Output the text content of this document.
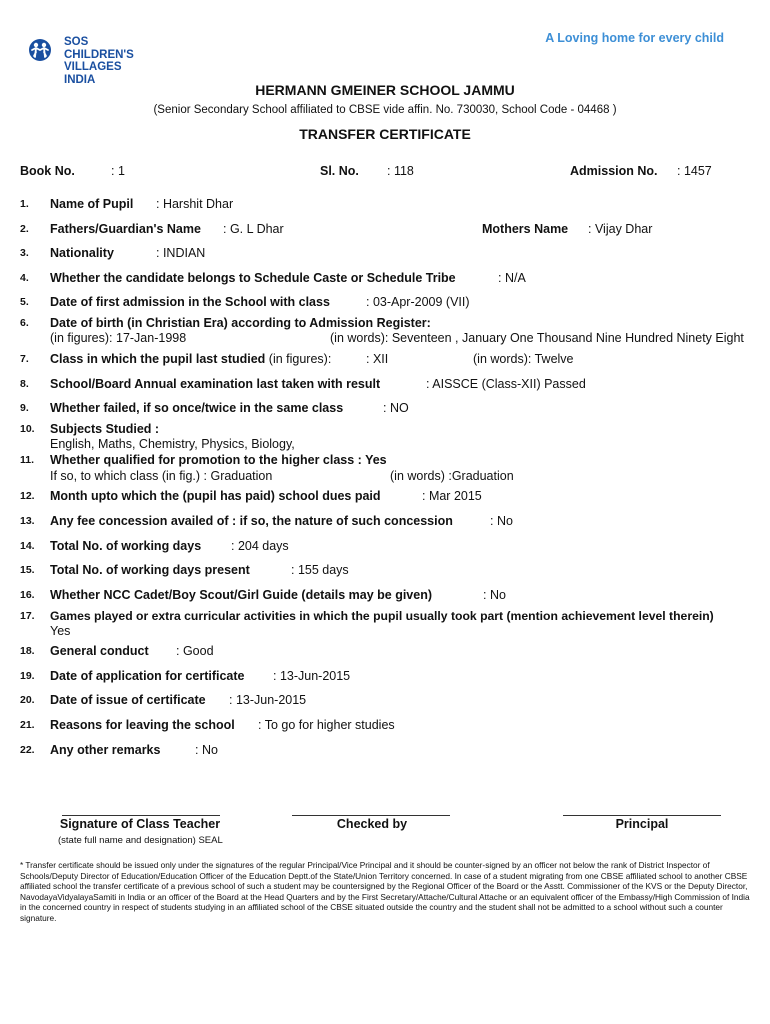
SOS CHILDREN'S
VILLAGES
INDIA
A Loving home for every child
HERMANN GMEINER SCHOOL JAMMU
(Senior Secondary School affiliated to CBSE vide affin. No. 730030, School Code - 04468 )
TRANSFER CERTIFICATE
Book No.	: 1	Sl. No. : 118	Admission No. : 1457
1.	Name of Pupil : Harshit Dhar
2.	Fathers/Guardian's Name : G. L Dhar	Mothers Name : Vijay Dhar
3.	Nationality	: INDIAN
4.	Whether the candidate belongs to Schedule Caste or Schedule Tribe	: N/A
5.	Date of first admission in the School with class	: 03-Apr-2009 (VII)
6.	Date of birth (in Christian Era) according to Admission Register:
(in figures): 17-Jan-1998	(in words): Seventeen , January One Thousand Nine Hundred Ninety Eight
7.	Class in which the pupil last studied (in figures):	: XII	(in words): Twelve
8.	School/Board Annual examination last taken with result	: AISSCE (Class-XII) Passed
9.	Whether failed, if so once/twice in the same class	: NO
10.	Subjects Studied :
English, Maths, Chemistry, Physics, Biology,
11.	Whether qualified for promotion to the higher class : Yes
If so, to which class (in fig.) : Graduation	(in words) :Graduation
12.	Month upto which the (pupil has paid) school dues paid	: Mar 2015
13.	Any fee concession availed of : if so, the nature of such concession	: No
14.	Total No. of working days : 204 days
15.	Total No. of working days present	: 155 days
16.	Whether NCC Cadet/Boy Scout/Girl Guide (details may be given)	: No
17.	Games played or extra curricular activities in which the pupil usually took part (mention achievement level therein)
Yes
18.	General conduct : Good
19.	Date of application for certificate : 13-Jun-2015
20.	Date of issue of certificate : 13-Jun-2015
21.	Reasons for leaving the school : To go for higher studies
22.	Any other remarks	: No
Signature of Class Teacher
(state full name and designation) SEAL
Checked by	Principal
* Transfer certificate should be issued only under the signatures of the regular Principal/Vice Principal and it should be counter-signed by an officer not below the rank of District Inspector of Schools/Deputy Director of Education/Education Officer of the Education Deptt.of the State/Union Territory concerned. In case of a student migrating from one CBSE affiliated school to another CBSE affiliated school the transfer certificate of a previous school of such a student may be countersigned by the Regional Officer of the Board or the Asstt. Commissioner of the KVS or the Deputy Director, NavodayaVidyalayaSamiti in India or an officer of the Board at the Head Quarters and by the First Secretary/Attache/Cultural Attache or an equivalent officer of the Embassy/High Commission of India in the concerned country in respect of students studying in an affiliated school of the CBSE situated outside the country and the student shall not be admitted to a school without such a counter signature.
